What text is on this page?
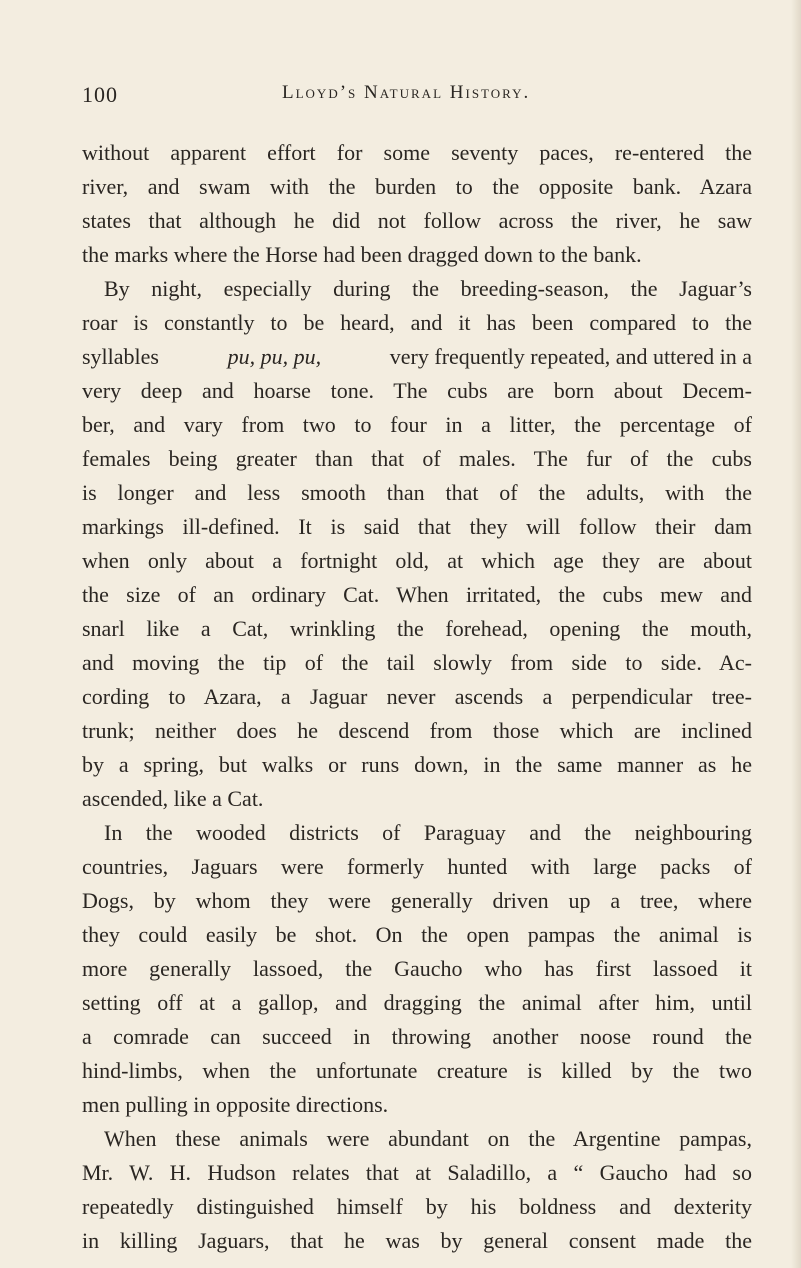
100	Lloyd’s Natural History.
without apparent effort for some seventy paces, re-entered the
river, and swam with the burden to the opposite bank. Azara
states that although he did not follow across the river, he saw
the marks where the Horse had been dragged down to the bank.
By night, especially during the breeding-season, the Jaguar’s
roar is constantly to be heard, and it has been compared to the
syllables	pu, pu, pu,	very frequently repeated, and uttered in a
very deep and hoarse tone. The cubs are born about Decem-
ber, and vary from two to four in a litter, the percentage of
females being greater than that of males. The fur of the cubs
is longer and less smooth than that of the adults, with the
markings ill-defined. It is said that they will follow their dam
when only about a fortnight old, at which age they are about
the size of an ordinary Cat. When irritated, the cubs mew and
snarl like a Cat, wrinkling the forehead, opening the mouth,
and moving the tip of the tail slowly from side to side. Ac-
cording to Azara, a Jaguar never ascends a perpendicular tree-
trunk; neither does he descend from those which are inclined
by a spring, but walks or runs down, in the same manner as he
ascended, like a Cat.
In the wooded districts of Paraguay and the neighbouring
countries, Jaguars were formerly hunted with large packs of
Dogs, by whom they were generally driven up a tree, where
they could easily be shot. On the open pampas the animal is
more generally lassoed, the Gaucho who has first lassoed it
setting off at a gallop, and dragging the animal after him, until
a comrade can succeed in throwing another noose round the
hind-limbs, when the unfortunate creature is killed by the two
men pulling in opposite directions.
When these animals were abundant on the Argentine pampas,
Mr. W. H. Hudson relates that at Saladillo, a “ Gaucho had so
repeatedly distinguished himself by his boldness and dexterity
in killing Jaguars, that he was by general consent made the
